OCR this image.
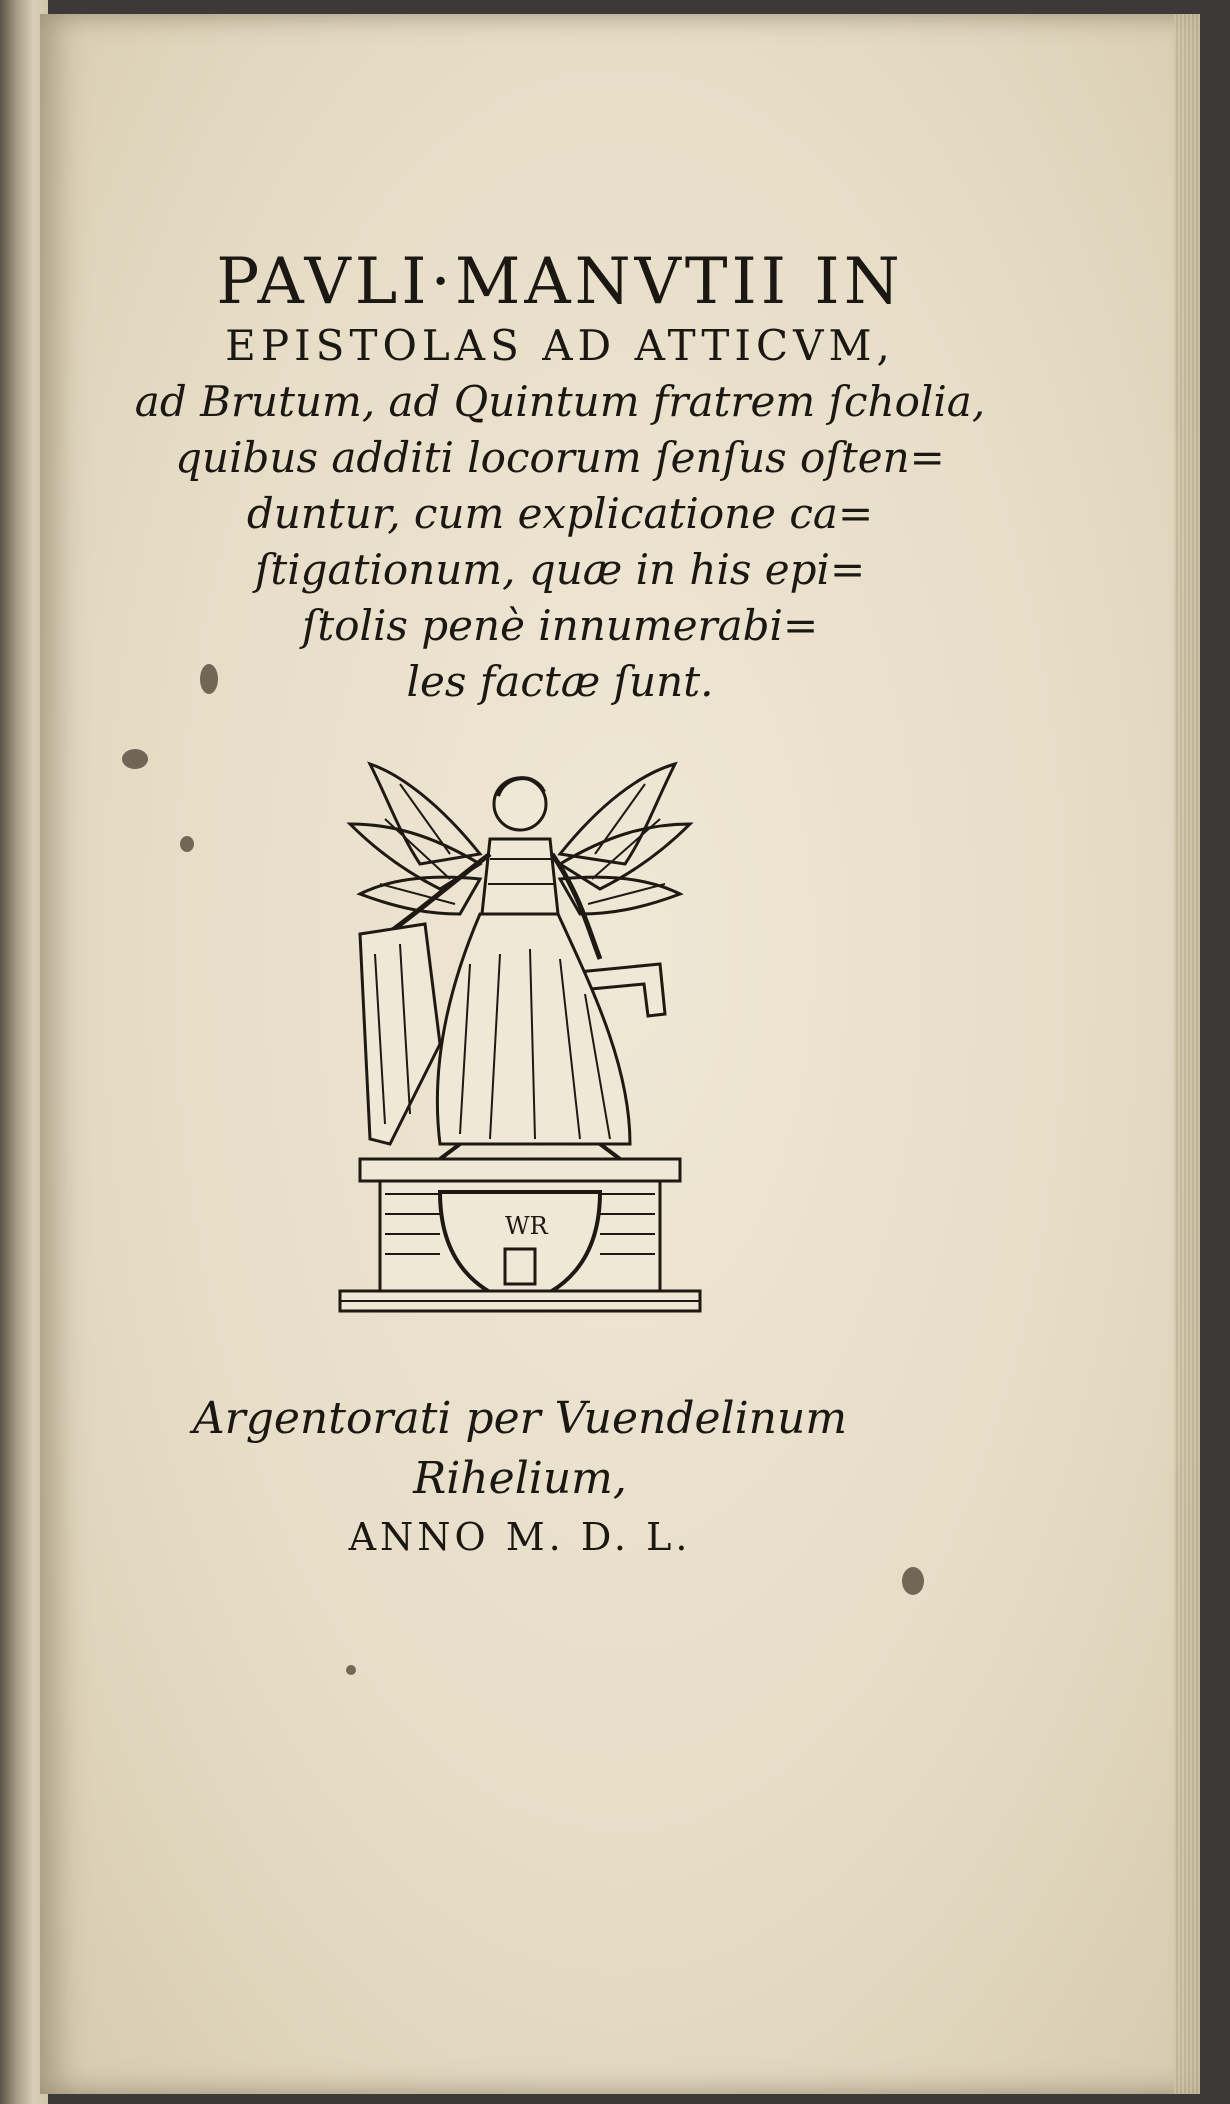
PAVLI·MANVTII IN

EPISTOLAS AD ATTICVM,

ad Brutum, ad Quintum fratrem ſcholia,

quibus additi locorum ſenſus oſten=

duntur, cum explicatione ca=

ſtigationum, quæ in his epi=

ſtolis penè innumerabi=

les factæ ſunt.

WR

Argentorati per Vuendelinum Rihelium,

ANNO M. D. L.
